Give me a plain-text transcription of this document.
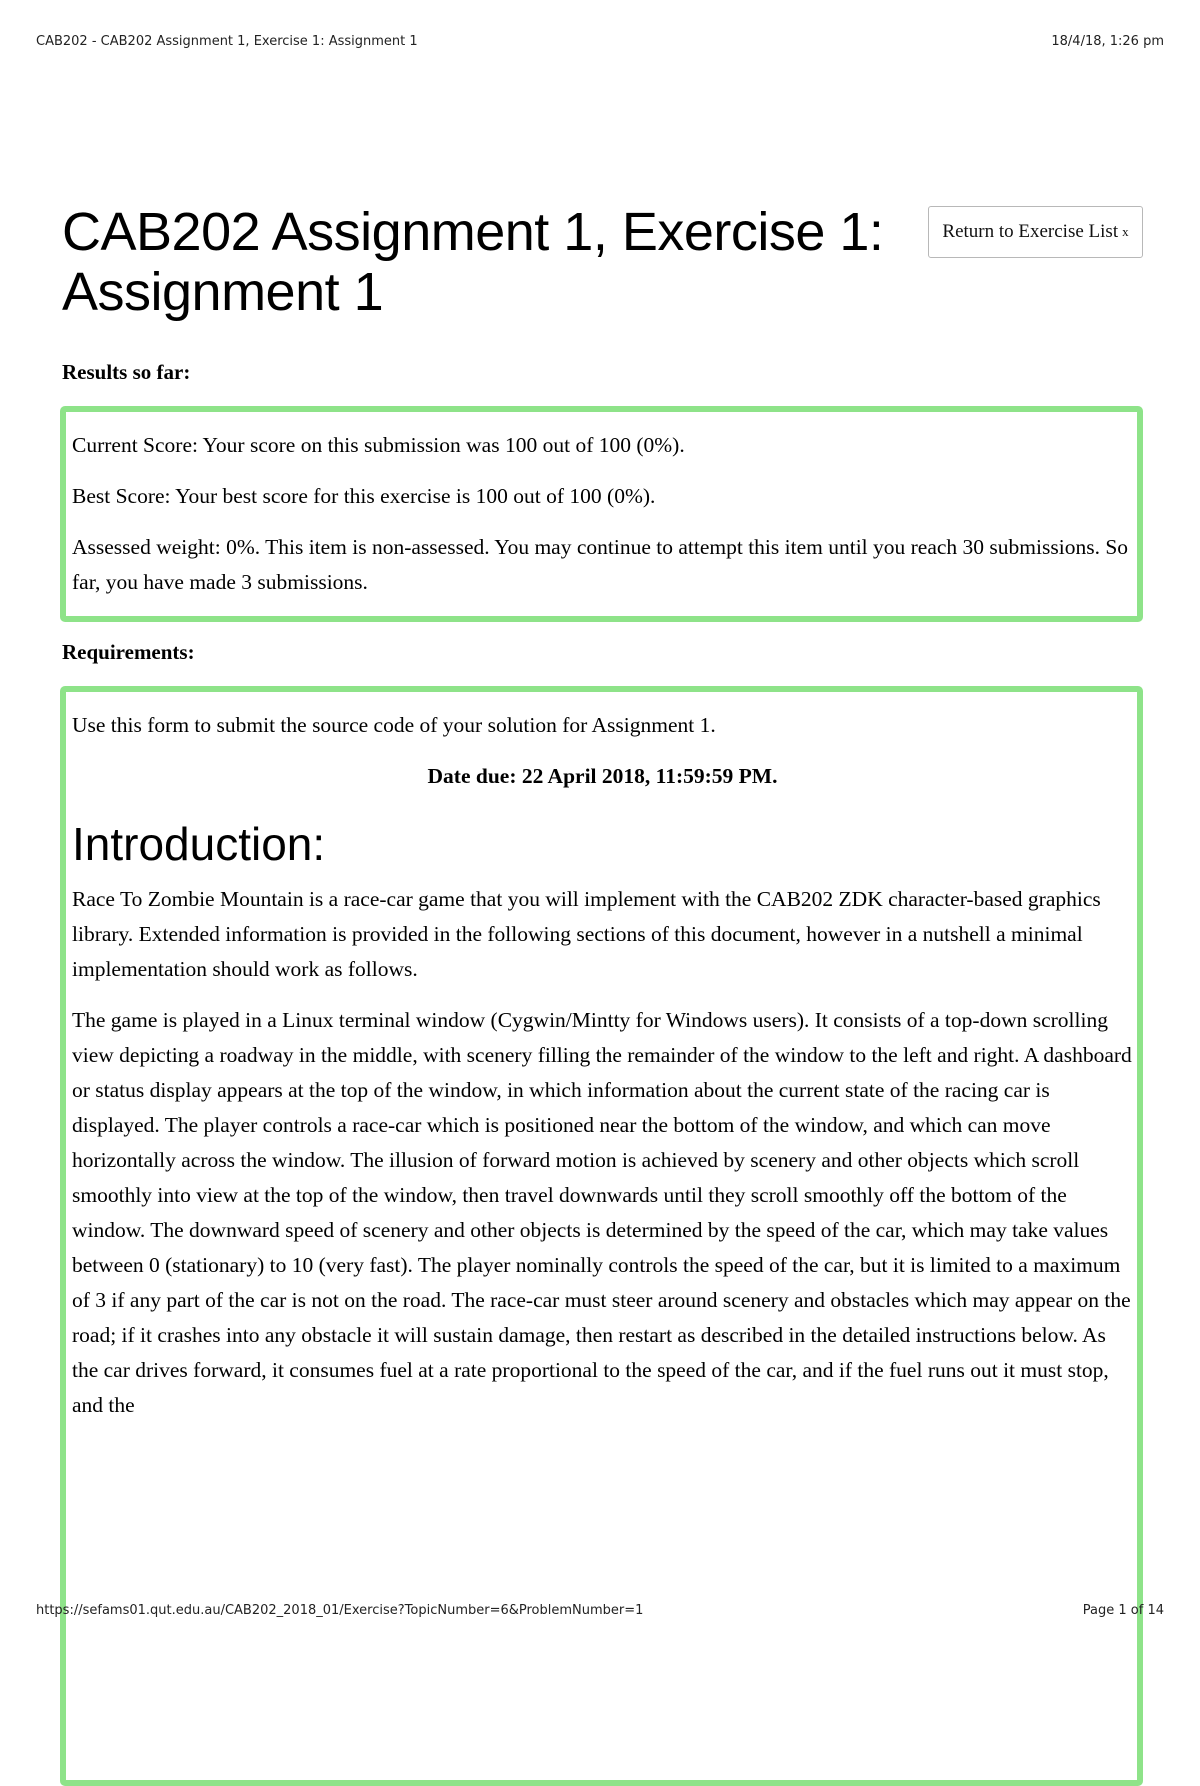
CAB202 - CAB202 Assignment 1, Exercise 1: Assignment 1	18/4/18, 1:26 pm
CAB202 Assignment 1, Exercise 1: Assignment 1
Return to Exercise List x
Results so far:

Current Score: Your score on this submission was 100 out of 100 (0%).

Best Score: Your best score for this exercise is 100 out of 100 (0%).

Assessed weight: 0%. This item is non-assessed. You may continue to attempt this item until you reach 30 submissions. So far, you have made 3 submissions.

Requirements:

Use this form to submit the source code of your solution for Assignment 1.

Date due: 22 April 2018, 11:59:59 PM.

Introduction:

Race To Zombie Mountain is a race-car game that you will implement with the CAB202 ZDK character-based graphics library. Extended information is provided in the following sections of this document, however in a nutshell a minimal implementation should work as follows.

The game is played in a Linux terminal window (Cygwin/Mintty for Windows users). It consists of a top-down scrolling view depicting a roadway in the middle, with scenery filling the remainder of the window to the left and right. A dashboard or status display appears at the top of the window, in which information about the current state of the racing car is displayed. The player controls a race-car which is positioned near the bottom of the window, and which can move horizontally across the window. The illusion of forward motion is achieved by scenery and other objects which scroll smoothly into view at the top of the window, then travel downwards until they scroll smoothly off the bottom of the window. The downward speed of scenery and other objects is determined by the speed of the car, which may take values between 0 (stationary) to 10 (very fast). The player nominally controls the speed of the car, but it is limited to a maximum of 3 if any part of the car is not on the road. The race-car must steer around scenery and obstacles which may appear on the road; if it crashes into any obstacle it will sustain damage, then restart as described in the detailed instructions below. As the car drives forward, it consumes fuel at a rate proportional to the speed of the car, and if the fuel runs out it must stop, and the

https://sefams01.qut.edu.au/CAB202_2018_01/Exercise?TopicNumber=6&ProblemNumber=1	Page 1 of 14
